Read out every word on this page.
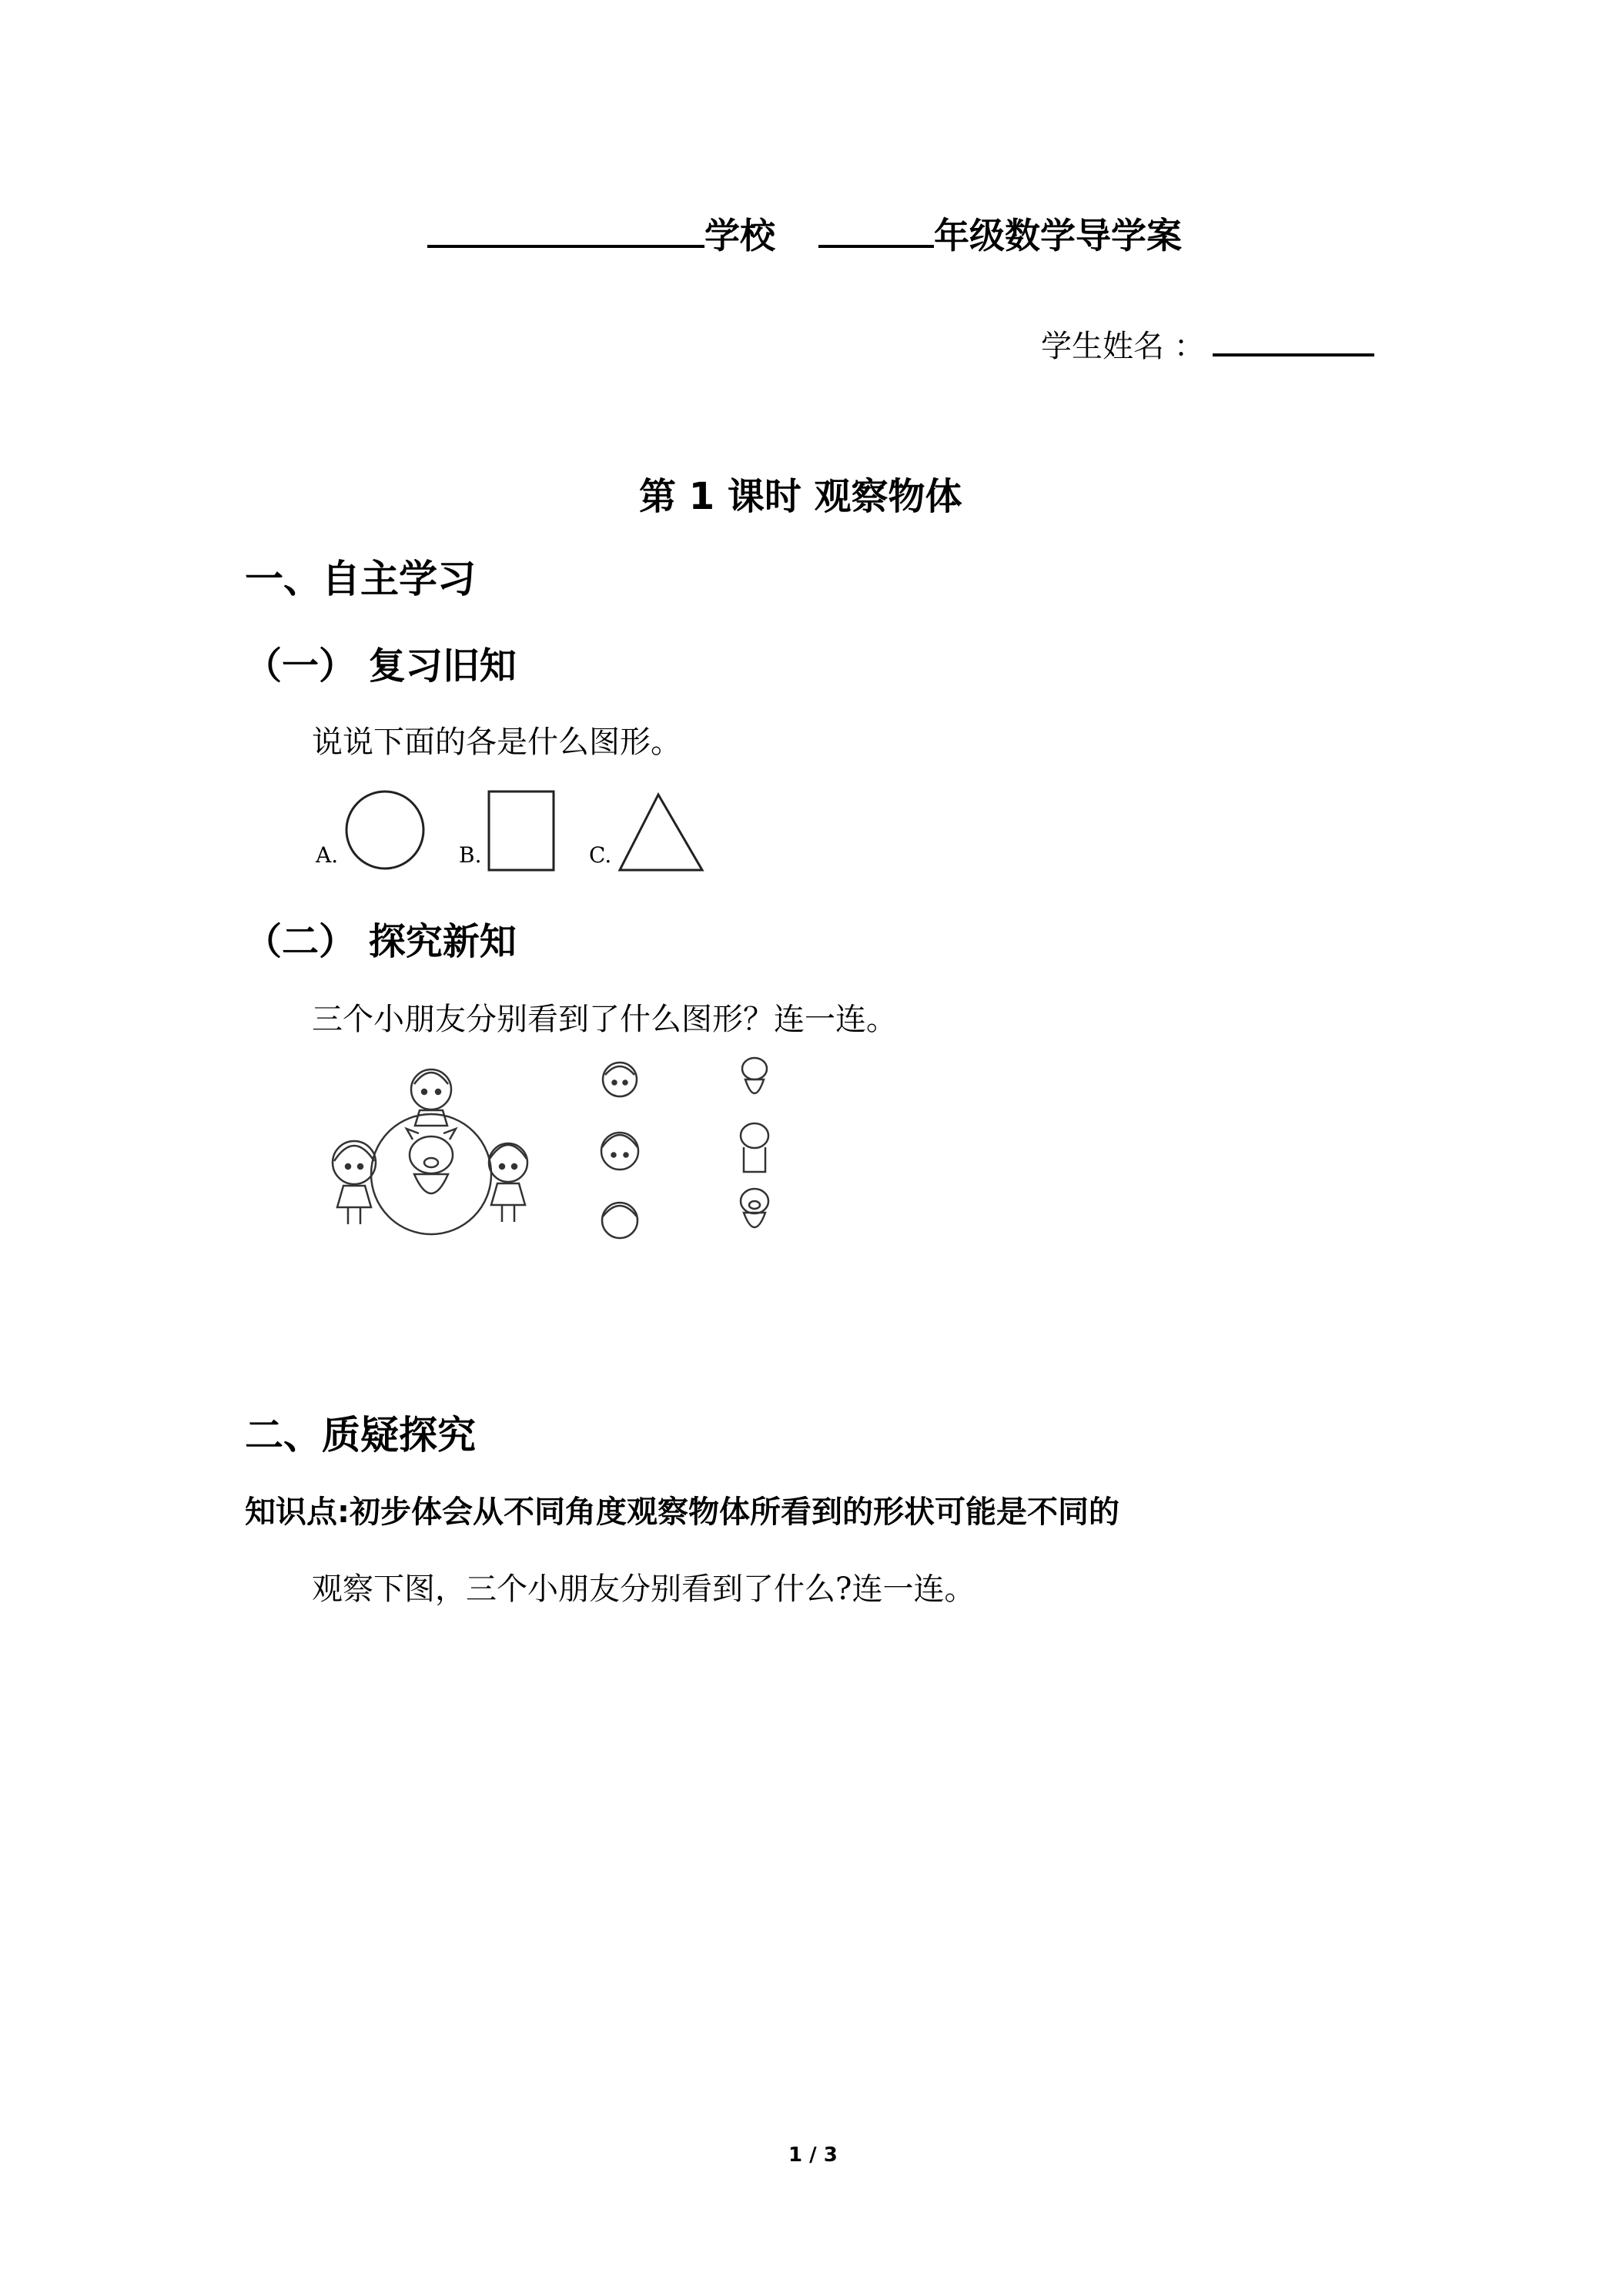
学校	年级数学导学案
学生姓名 ：
第 1 课时 观察物体
一、自主学习
（一） 复习旧知
说说下面的各是什么图形。
A.	B.	C.
（二） 探究新知
三个小朋友分别看到了什么图形？连一连。
二、质疑探究
知识点:初步体会从不同角度观察物体所看到的形状可能是不同的
观察下图，三个小朋友分别看到了什么?连一连。
1 / 3
